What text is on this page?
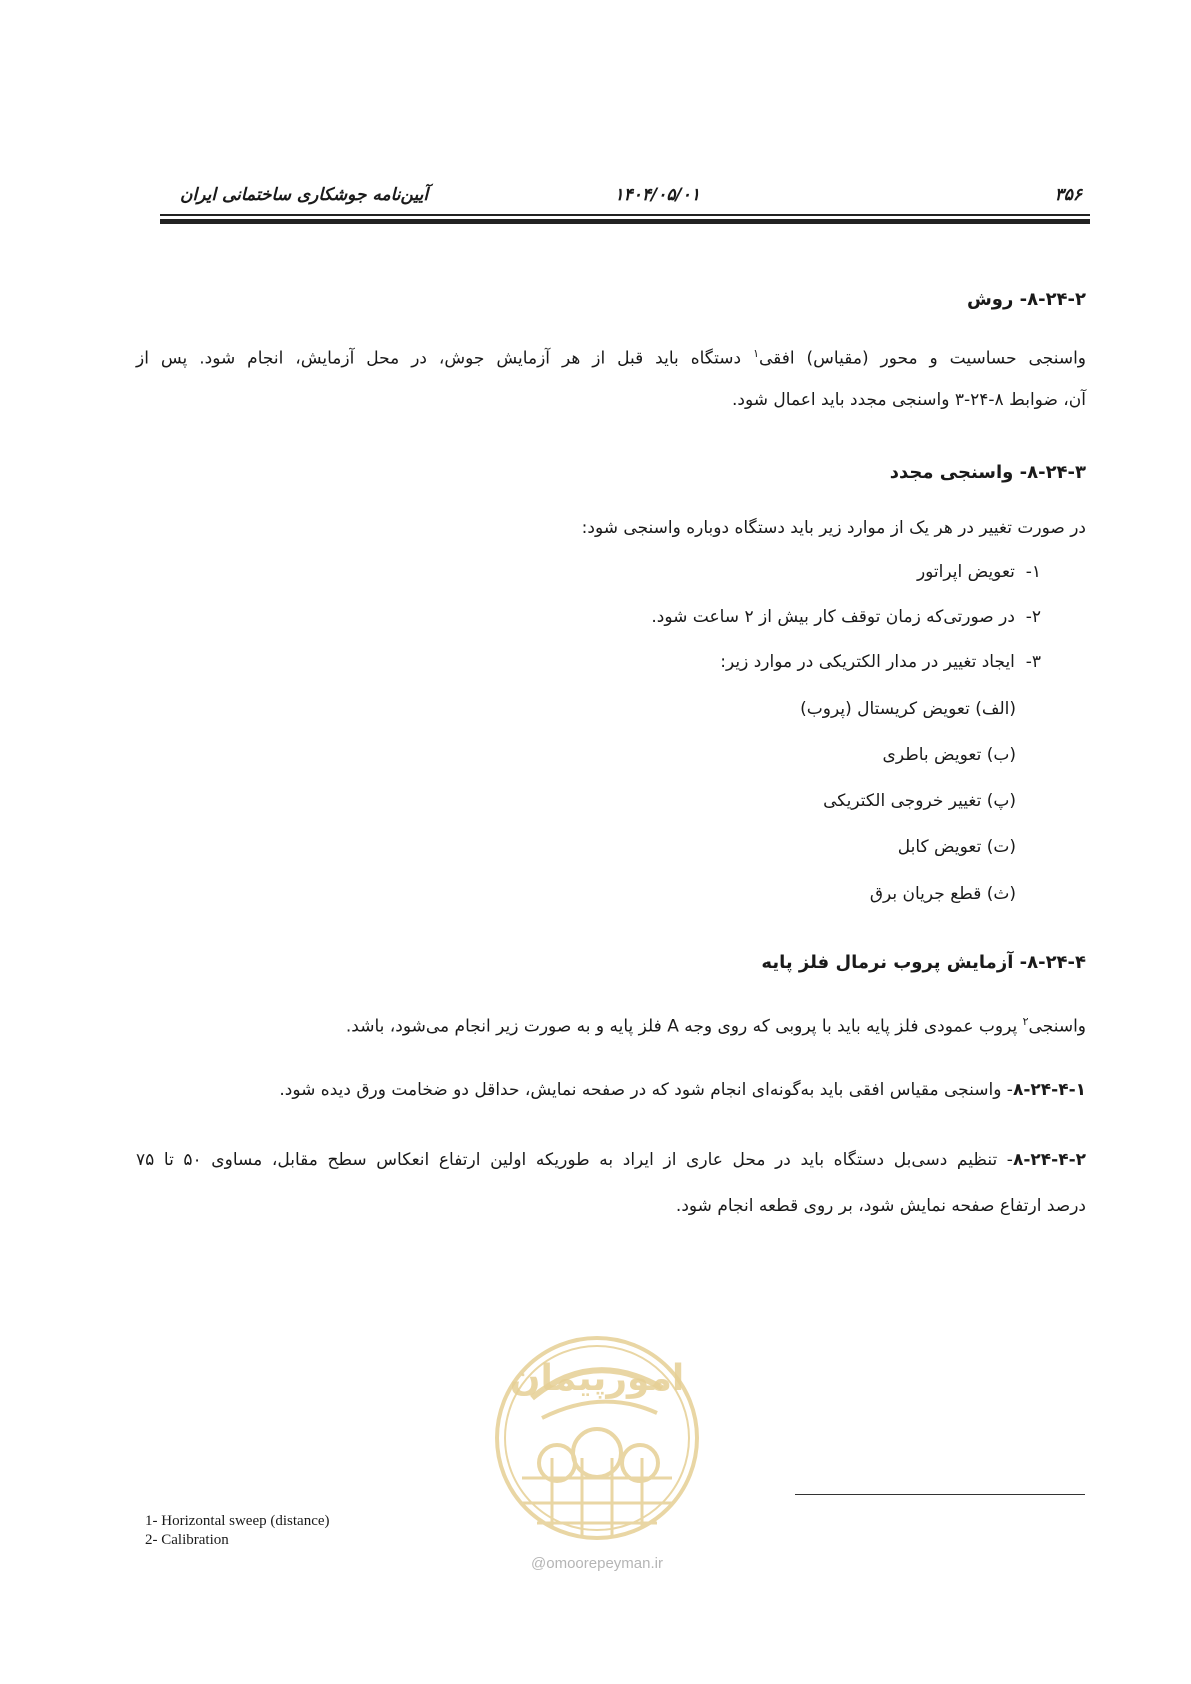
۳۵۶
۱۴۰۴/۰۵/۰۱
آیین‌نامه جوشکاری ساختمانی ایران
۸-۲۴-۲- روش
واسنجی حساسیت و محور (مقیاس) افقی$^۱$ دستگاه باید قبل از هر آزمایش جوش، در محل آزمایش، انجام شود. پس از
آن، ضوابط ۸-۲۴-۳ واسنجی مجدد باید اعمال شود.
۸-۲۴-۳- واسنجی مجدد
در صورت تغییر در هر یک از موارد زیر باید دستگاه دوباره واسنجی شود:
۱-  تعویض اپراتور
۲-  در صورتی‌که زمان توقف کار بیش از ۲ ساعت شود.
۳-  ایجاد تغییر در مدار الکتریکی در موارد زیر:
(الف) تعویض کریستال (پروب)
(ب) تعویض باطری
(پ) تغییر خروجی الکتریکی
(ت) تعویض کابل
(ث) قطع جریان برق
۸-۲۴-۴- آزمایش پروب نرمال فلز پایه
واسنجی$^۲$ پروب عمودی فلز پایه باید با پروبی که روی وجه A فلز پایه و به صورت زیر انجام می‌شود، باشد.
۸-۲۴-۴-۱- واسنجی مقیاس افقی باید به‌گونه‌ای انجام شود که در صفحه نمایش، حداقل دو ضخامت ورق دیده شود.
۸-۲۴-۴-۲- تنظیم دسی‌بل دستگاه باید در محل عاری از ایراد به طوریکه اولین ارتفاع انعکاس سطح مقابل، مساوی ۵۰ تا ۷۵
درصد ارتفاع صفحه نمایش شود، بر روی قطعه انجام شود.
امورپیمان
@omoorepeyman.ir
1- Horizontal sweep (distance)
2- Calibration
